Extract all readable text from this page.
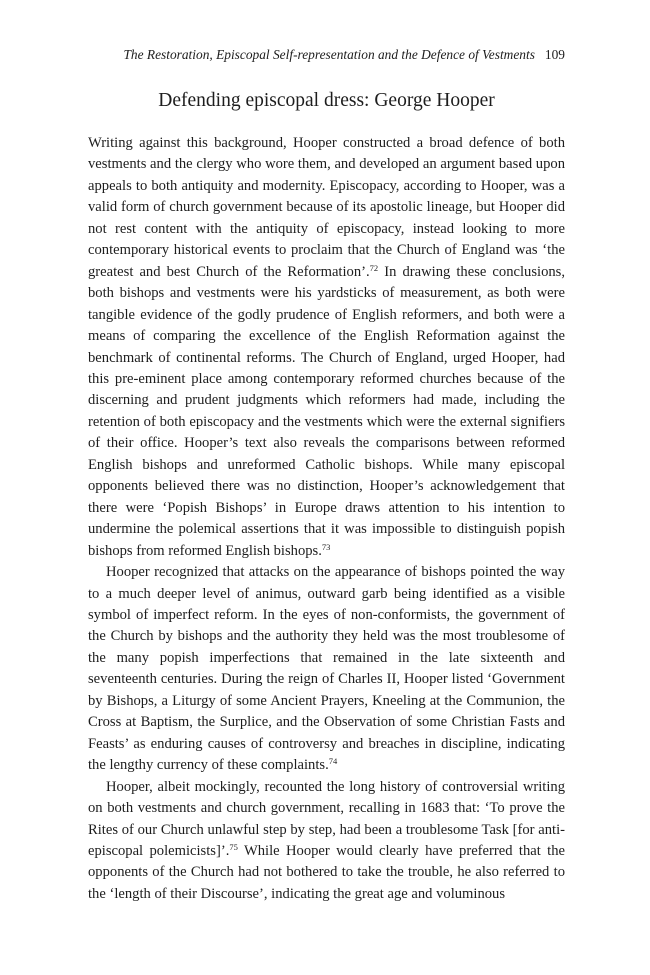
The Restoration, Episcopal Self-representation and the Defence of Vestments 109
Defending episcopal dress: George Hooper

Writing against this background, Hooper constructed a broad defence of both vestments and the clergy who wore them, and developed an argument based upon appeals to both antiquity and modernity. Episcopacy, according to Hooper, was a valid form of church government because of its apostolic lineage, but Hooper did not rest content with the antiquity of episcopacy, instead looking to more contemporary historical events to proclaim that the Church of England was ‘the greatest and best Church of the Reformation’.$^{72}$ In drawing these conclusions, both bishops and vestments were his yardsticks of measurement, as both were tangible evidence of the godly prudence of English reformers, and both were a means of comparing the excellence of the English Reformation against the benchmark of continental reforms. The Church of England, urged Hooper, had this pre-eminent place among contemporary reformed churches because of the discerning and prudent judgments which reformers had made, including the retention of both episcopacy and the vestments which were the external signifiers of their office. Hooper’s text also reveals the comparisons between reformed English bishops and unreformed Catholic bishops. While many episcopal opponents believed there was no distinction, Hooper’s acknowledgement that there were ‘Popish Bishops’ in Europe draws attention to his intention to undermine the polemical assertions that it was impossible to distinguish popish bishops from reformed English bishops.$^{73}$

Hooper recognized that attacks on the appearance of bishops pointed the way to a much deeper level of animus, outward garb being identified as a visible symbol of imperfect reform. In the eyes of non-conformists, the government of the Church by bishops and the authority they held was the most troublesome of the many popish imperfections that remained in the late sixteenth and seventeenth centuries. During the reign of Charles II, Hooper listed ‘Government by Bishops, a Liturgy of some Ancient Prayers, Kneeling at the Communion, the Cross at Baptism, the Surplice, and the Observation of some Christian Fasts and Feasts’ as enduring causes of controversy and breaches in discipline, indicating the lengthy currency of these complaints.$^{74}$

Hooper, albeit mockingly, recounted the long history of controversial writing on both vestments and church government, recalling in 1683 that: ‘To prove the Rites of our Church unlawful step by step, had been a troublesome Task [for anti-episcopal polemicists]’.$^{75}$ While Hooper would clearly have preferred that the opponents of the Church had not bothered to take the trouble, he also referred to the ‘length of their Discourse’, indicating the great age and voluminous
